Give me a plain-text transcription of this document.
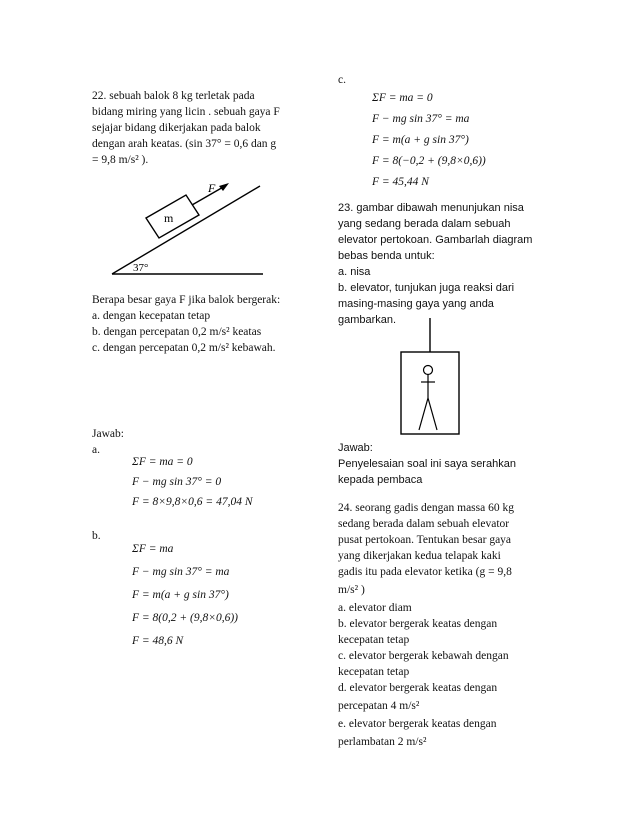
22. sebuah balok 8 kg terletak pada
bidang miring yang licin . sebuah gaya F
sejajar bidang dikerjakan pada balok
dengan arah keatas. (sin 37° = 0,6 dan g
= 9,8 m/s² ).
F
m
37°
Berapa besar gaya F jika balok bergerak:
a. dengan kecepatan tetap
b. dengan percepatan 0,2 m/s² keatas
c. dengan percepatan 0,2 m/s² kebawah.
Jawab:
a.
ΣF = ma = 0
F − mg sin 37° = 0
F = 8×9,8×0,6 = 47,04 N
b.
ΣF = ma
F − mg sin 37° = ma
F = m(a + g sin 37°)
F = 8(0,2 + (9,8×0,6))
F = 48,6 N
c.
ΣF = ma = 0
F − mg sin 37° = ma
F = m(a + g sin 37°)
F = 8(−0,2 + (9,8×0,6))
F = 45,44 N
23. gambar dibawah menunjukan nisa
yang sedang berada dalam sebuah
elevator pertokoan. Gambarlah diagram
bebas benda untuk:
a. nisa
b. elevator, tunjukan juga reaksi dari
masing-masing gaya yang anda
gambarkan.
Jawab:
Penyelesaian soal ini saya serahkan
kepada pembaca
24. seorang gadis dengan massa 60 kg
sedang berada dalam sebuah elevator
pusat pertokoan. Tentukan besar gaya
yang dikerjakan kedua telapak kaki
gadis itu pada elevator ketika (g = 9,8
m/s² )
a. elevator diam
b. elevator bergerak keatas dengan
kecepatan tetap
c. elevator bergerak kebawah dengan
kecepatan tetap
d. elevator bergerak keatas dengan
percepatan 4 m/s²
e. elevator bergerak keatas dengan
perlambatan 2 m/s²
